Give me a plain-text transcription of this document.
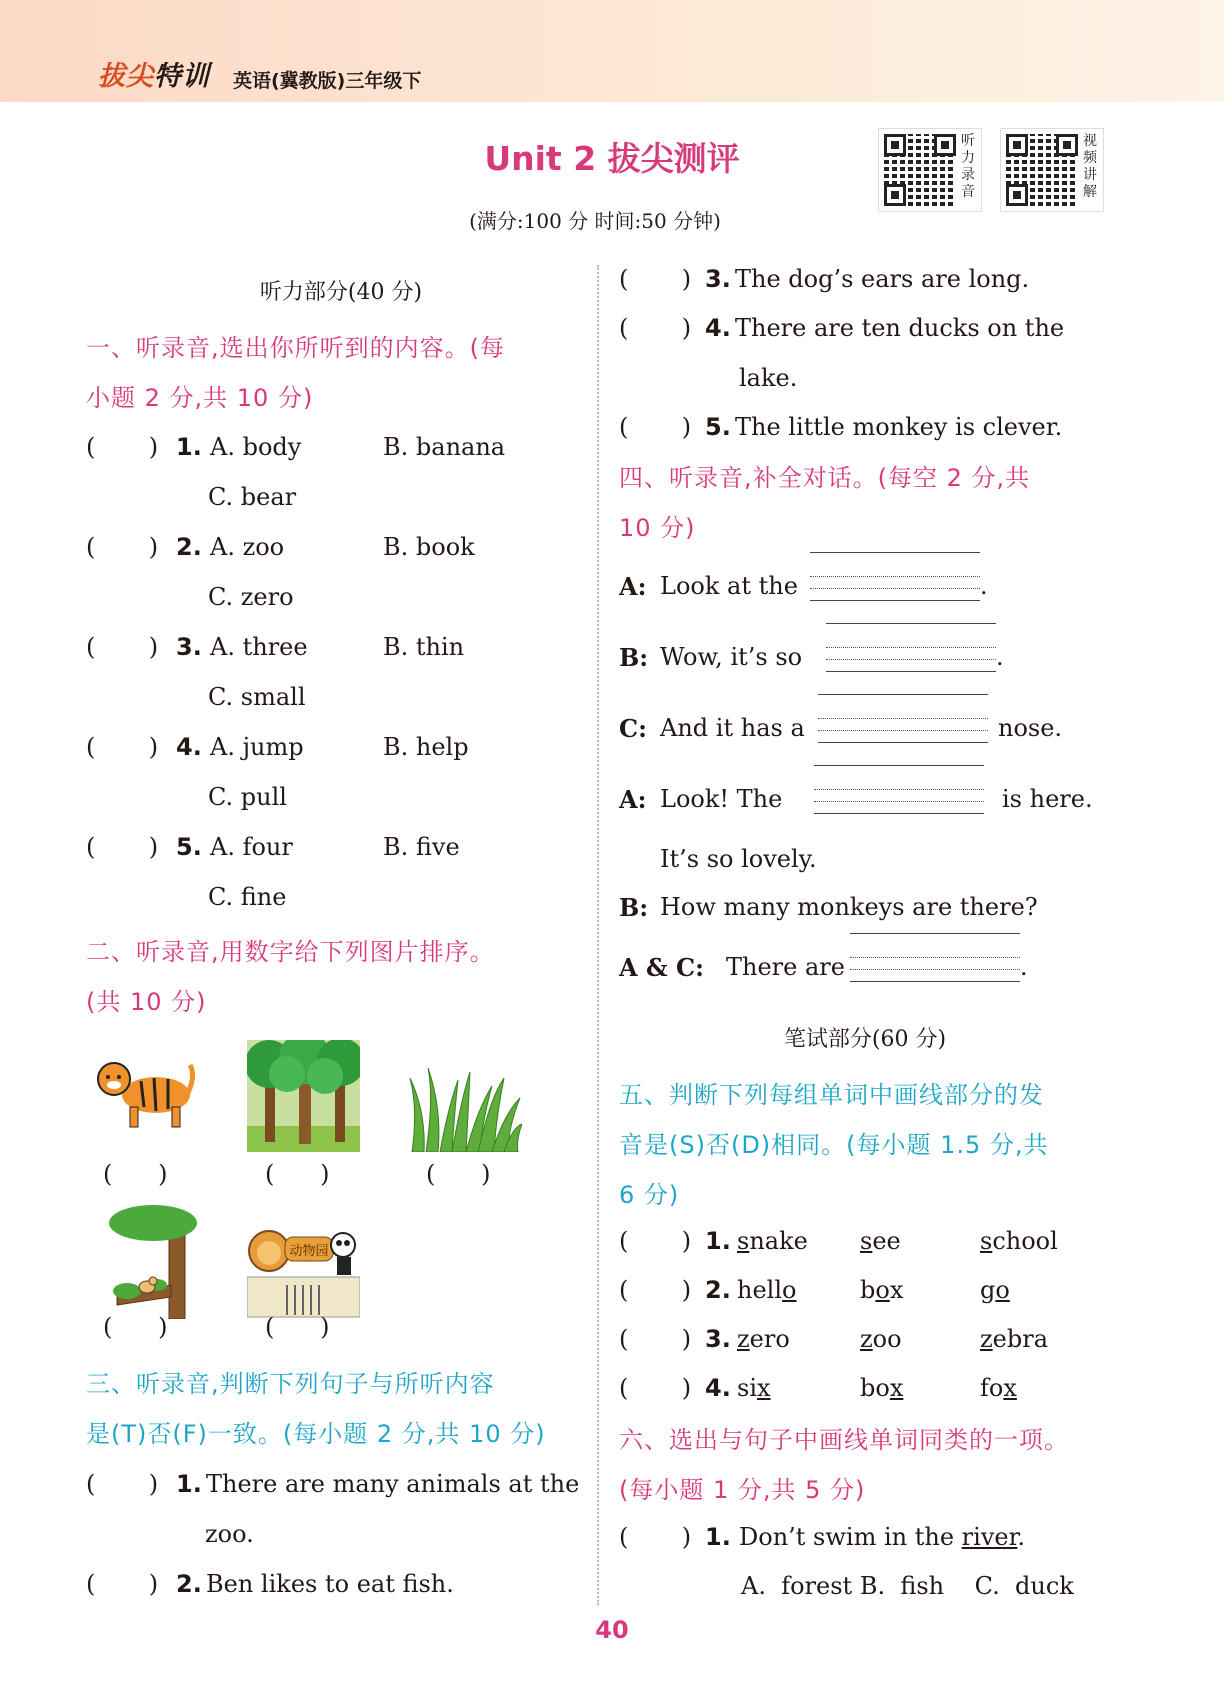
拔尖特训 英语(冀教版)三年级下
Unit 2 拔尖测评
(满分:100 分 时间:50 分钟)
听力录音
视频讲解
听力部分(40 分)
一、听录音,选出你所听到的内容。(每
小题 2 分,共 10 分)
(       ) 1. A. body	B. banana
C. bear
(       ) 2. A. zoo	B. book
C. zero
(       ) 3. A. three	B. thin
C. small
(       ) 4. A. jump	B. help
C. pull
(       ) 5. A. four	B. five
C. fine
二、听录音,用数字给下列图片排序。
(共 10 分)
(      )	(      )	(      )
动物园
(      )	(      )
三、听录音,判断下列句子与所听内容
是(T)否(F)一致。(每小题 2 分,共 10 分)
(       ) 1. There are many animals at the
zoo.
(       ) 2. Ben likes to eat fish.
(       ) 3. The dog’s ears are long.
(       ) 4. There are ten ducks on the
lake.
(       ) 5. The little monkey is clever.
四、听录音,补全对话。(每空 2 分,共
10 分)
A: Look at the	.
B: Wow, it’s so	.
C: And it has a	nose.
A: Look! The	is here.
It’s so lovely.
B: How many monkeys are there?
A & C: There are	.
笔试部分(60 分)
五、判断下列每组单词中画线部分的发
音是(S)否(D)相同。(每小题 1.5 分,共
6 分)
(       ) 1. snake see	school
(       ) 2. hello	box	go
(       ) 3. zero	zoo	zebra
(       ) 4. six	box	fox
六、选出与句子中画线单词同类的一项。
(每小题 1 分,共 5 分)
(       ) 1. Don’t swim in the river.
A.  forest B.  fish    C.  duck
40
